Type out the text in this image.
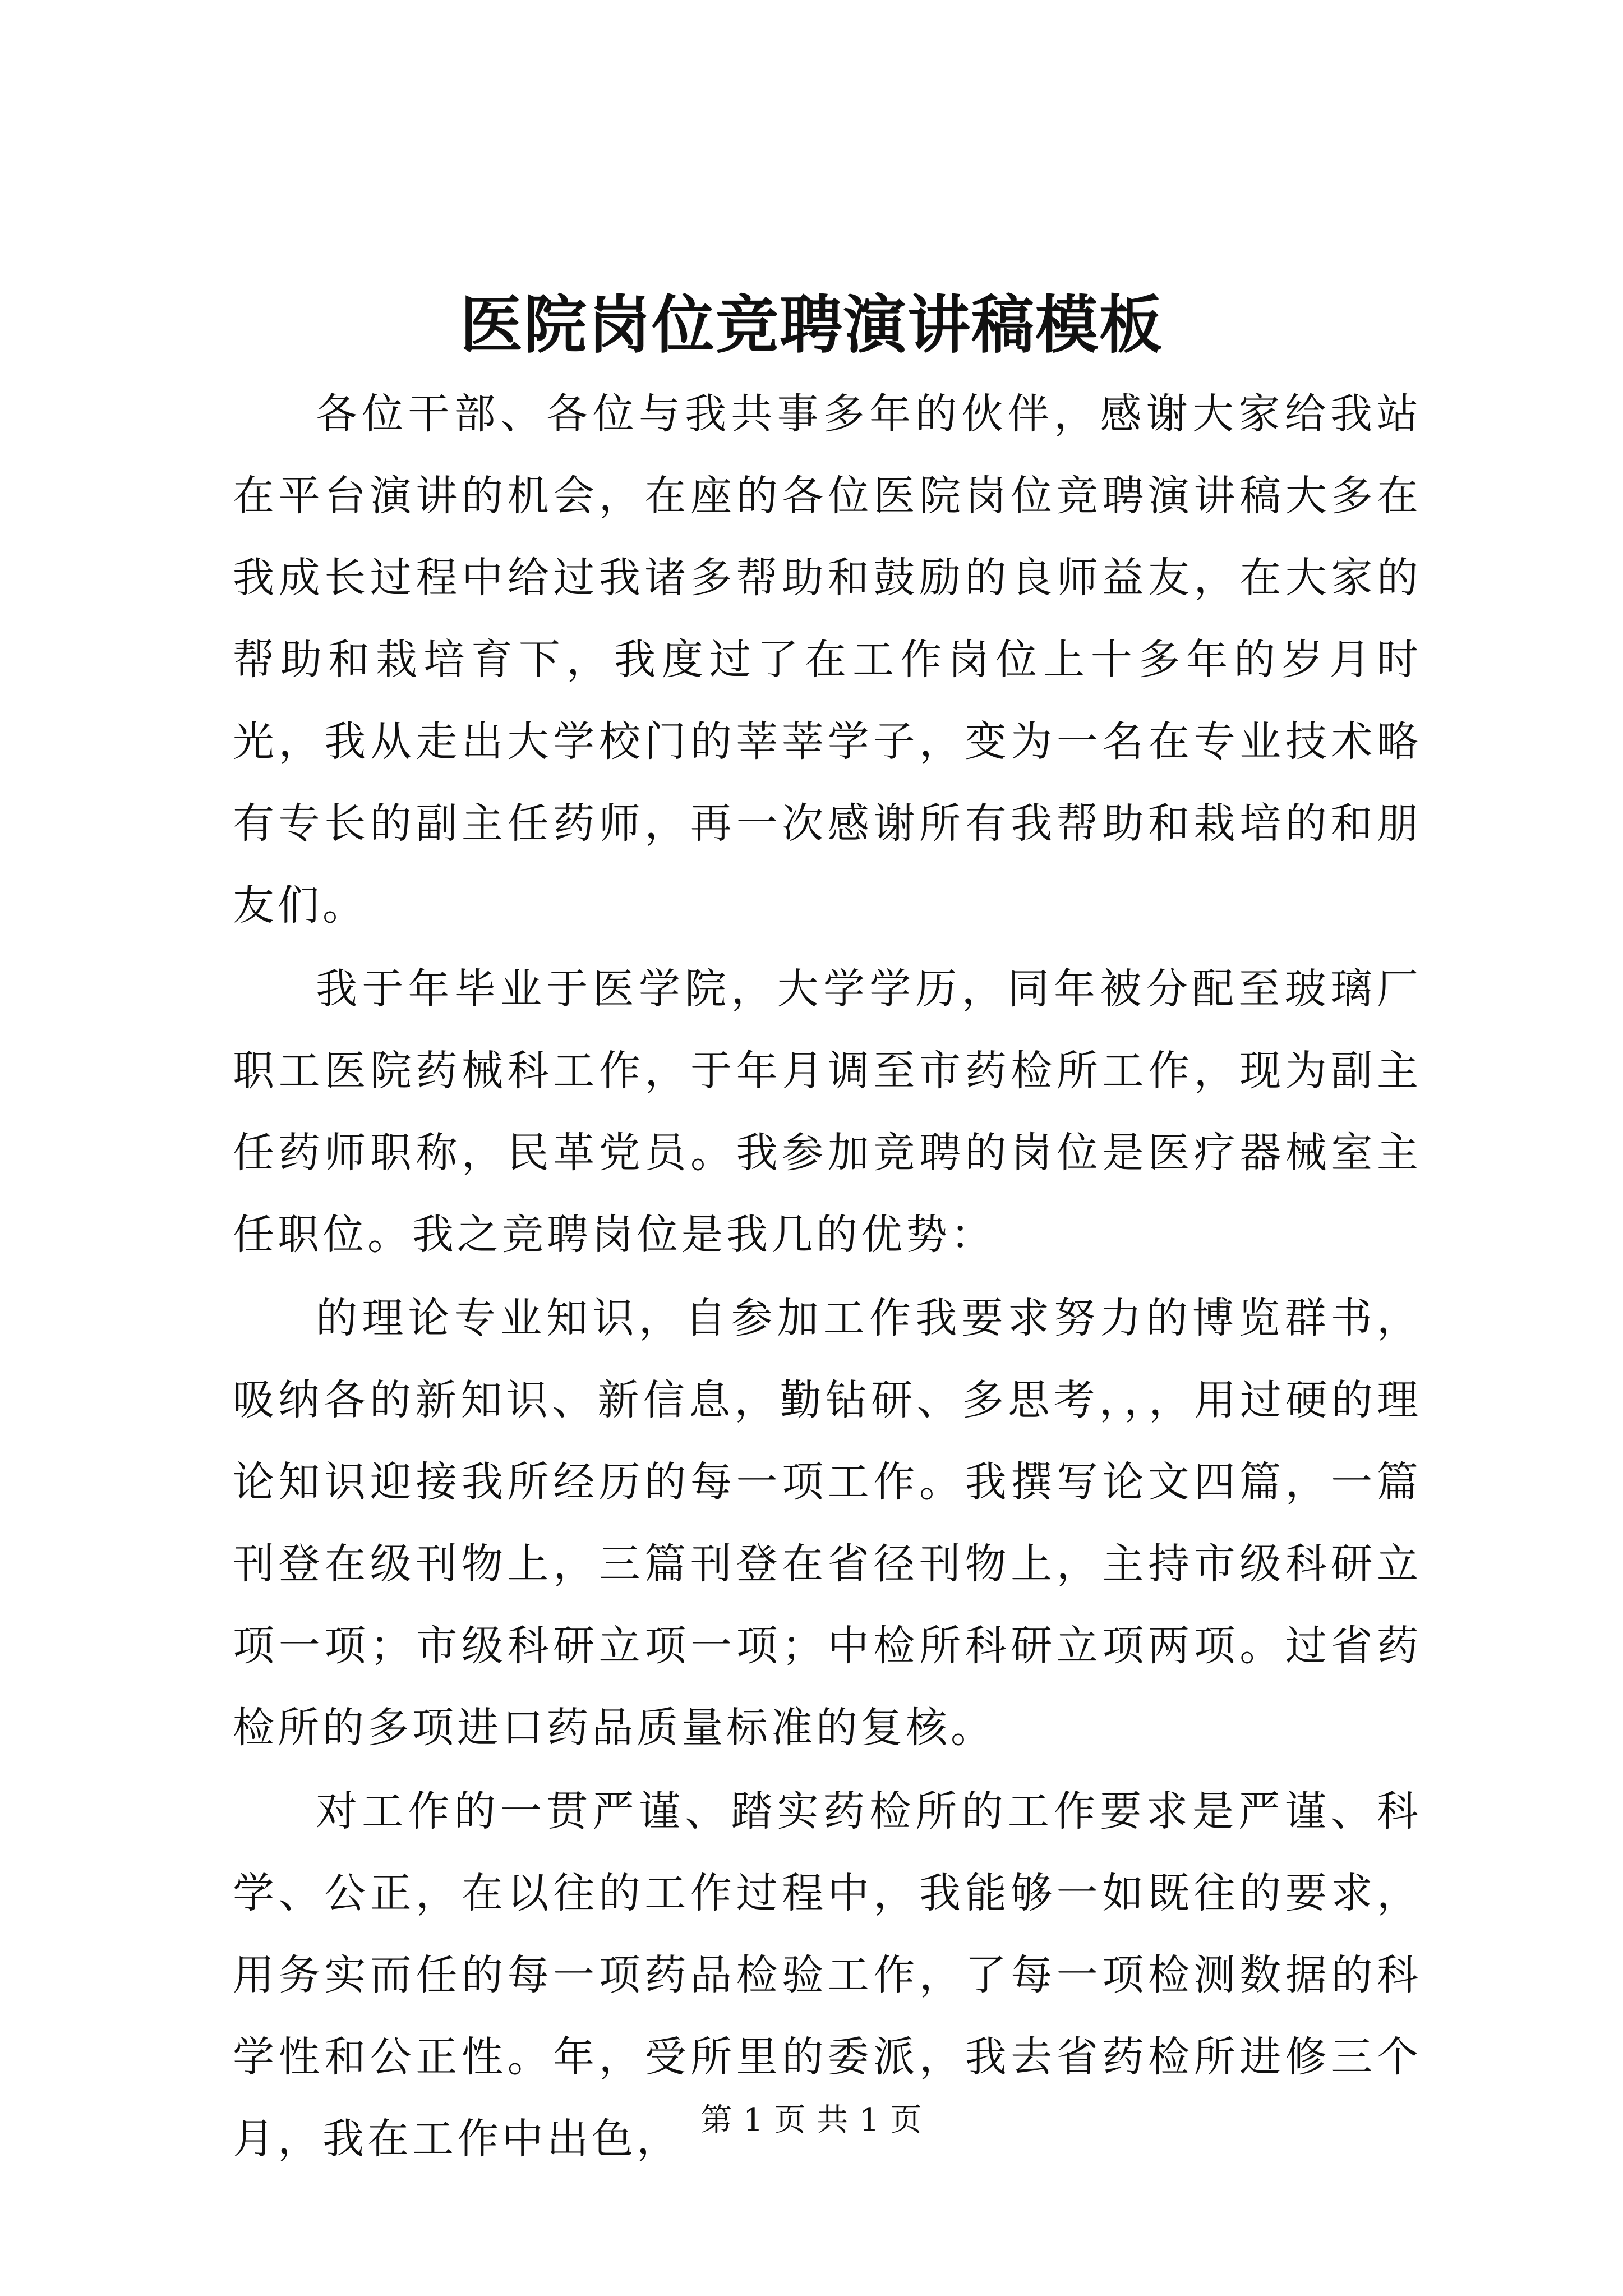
医院岗位竞聘演讲稿模板

各位干部、各位与我共事多年的伙伴，感谢大家给我站在平台演讲的机会，在座的各位医院岗位竞聘演讲稿大多在我成长过程中给过我诸多帮助和鼓励的良师益友，在大家的帮助和栽培育下，我度过了在工作岗位上十多年的岁月时光，我从走出大学校门的莘莘学子，变为一名在专业技术略有专长的副主任药师，再一次感谢所有我帮助和栽培的和朋友们。

我于年毕业于医学院，大学学历，同年被分配至玻璃厂职工医院药械科工作，于年月调至市药检所工作，现为副主任药师职称，民革党员。我参加竞聘的岗位是医疗器械室主任职位。我之竞聘岗位是我几的优势：

的理论专业知识，自参加工作我要求努力的博览群书，吸纳各的新知识、新信息，勤钻研、多思考，，，用过硬的理论知识迎接我所经历的每一项工作。我撰写论文四篇，一篇刊登在级刊物上，三篇刊登在省径刊物上，主持市级科研立项一项；市级科研立项一项；中检所科研立项两项。过省药检所的多项进口药品质量标准的复核。

对工作的一贯严谨、踏实药检所的工作要求是严谨、科学、公正，在以往的工作过程中，我能够一如既往的要求，用务实而任的每一项药品检验工作，了每一项检测数据的科学性和公正性。年，受所里的委派，我去省药检所进修三个月，我在工作中出色， 第 1 页 共 1 页
